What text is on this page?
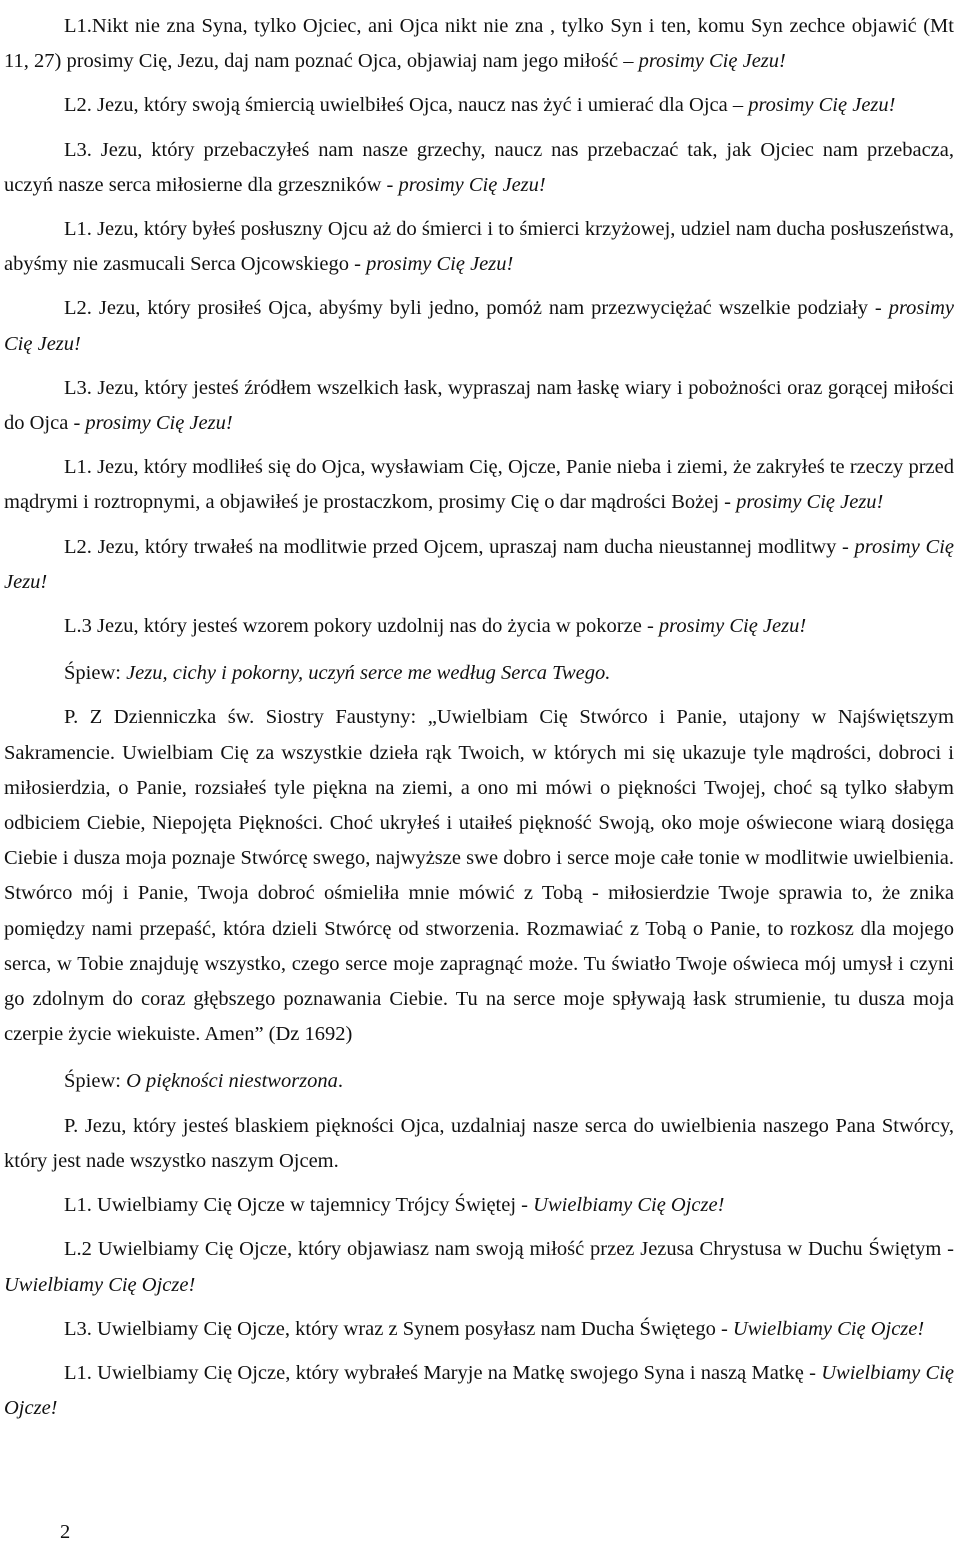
L1.Nikt nie zna Syna, tylko Ojciec, ani Ojca nikt nie zna , tylko Syn i ten, komu Syn zechce objawić (Mt 11, 27) prosimy Cię, Jezu, daj nam poznać Ojca, objawiaj nam jego miłość – prosimy Cię Jezu!

L2. Jezu, który swoją śmiercią uwielbiłeś Ojca, naucz nas żyć i umierać dla Ojca – prosimy Cię Jezu!

L3. Jezu, który przebaczyłeś nam nasze grzechy, naucz nas przebaczać tak, jak Ojciec nam przebacza, uczyń nasze serca miłosierne dla grzeszników - prosimy Cię Jezu!

L1. Jezu, który byłeś posłuszny Ojcu aż do śmierci i to śmierci krzyżowej, udziel nam ducha posłuszeństwa, abyśmy nie zasmucali Serca Ojcowskiego - prosimy Cię Jezu!

L2. Jezu, który prosiłeś Ojca, abyśmy byli jedno, pomóż nam przezwyciężać wszelkie podziały - prosimy Cię Jezu!

L3. Jezu, który jesteś źródłem wszelkich łask, wypraszaj nam łaskę wiary i pobożności oraz gorącej miłości do Ojca - prosimy Cię Jezu!

L1. Jezu, który modliłeś się do Ojca, wysławiam Cię, Ojcze, Panie nieba i ziemi, że zakryłeś te rzeczy przed mądrymi i roztropnymi, a objawiłeś je prostaczkom, prosimy Cię o dar mądrości Bożej - prosimy Cię Jezu!

L2. Jezu, który trwałeś na modlitwie przed Ojcem, upraszaj nam ducha nieustannej modlitwy - prosimy Cię Jezu!

L.3 Jezu, który jesteś wzorem pokory uzdolnij nas do życia w pokorze - prosimy Cię Jezu!

Śpiew: Jezu, cichy i pokorny, uczyń serce me według Serca Twego.

P. Z Dzienniczka św. Siostry Faustyny: „Uwielbiam Cię Stwórco i Panie, utajony w Najświętszym Sakramencie. Uwielbiam Cię za wszystkie dzieła rąk Twoich, w których mi się ukazuje tyle mądrości, dobroci i miłosierdzia, o Panie, rozsiałeś tyle piękna na ziemi, a ono mi mówi o piękności Twojej, choć są tylko słabym odbiciem Ciebie, Niepojęta Piękności. Choć ukryłeś i utaiłeś piękność Swoją, oko moje oświecone wiarą dosięga Ciebie i dusza moja poznaje Stwórcę swego, najwyższe swe dobro i serce moje całe tonie w modlitwie uwielbienia. Stwórco mój i Panie, Twoja dobroć ośmieliła mnie mówić z Tobą - miłosierdzie Twoje sprawia to, że znika pomiędzy nami przepaść, która dzieli Stwórcę od stworzenia. Rozmawiać z Tobą o Panie, to rozkosz dla mojego serca, w Tobie znajduję wszystko, czego serce moje zapragnąć może. Tu światło Twoje oświeca mój umysł i czyni go zdolnym do coraz głębszego poznawania Ciebie. Tu na serce moje spływają łask strumienie, tu dusza moja czerpie życie wiekuiste. Amen” (Dz 1692)

Śpiew: O piękności niestworzona.

P. Jezu, który jesteś blaskiem piękności Ojca, uzdalniaj nasze serca do uwielbienia naszego Pana Stwórcy, który jest nade wszystko naszym Ojcem.

L1. Uwielbiamy Cię Ojcze w tajemnicy Trójcy Świętej - Uwielbiamy Cię Ojcze!

L.2 Uwielbiamy Cię Ojcze, który objawiasz nam swoją miłość przez Jezusa Chrystusa w Duchu Świętym - Uwielbiamy Cię Ojcze!

L3. Uwielbiamy Cię Ojcze, który wraz z Synem posyłasz nam Ducha Świętego - Uwielbiamy Cię Ojcze!

L1. Uwielbiamy Cię Ojcze, który wybrałeś Maryje na Matkę swojego Syna i naszą Matkę - Uwielbiamy Cię Ojcze!

2
